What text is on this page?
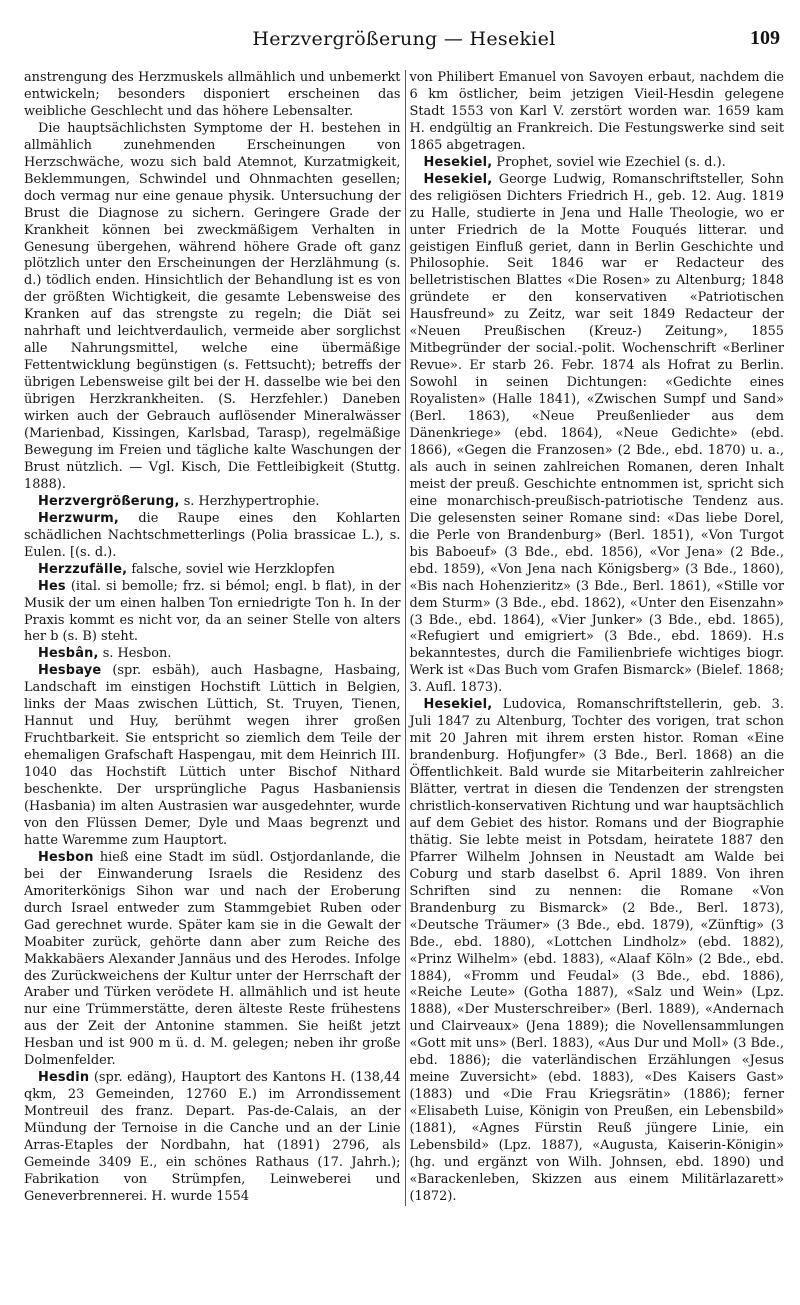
Herzvergrößerung — Hesekiel	109

anstrengung des Herzmuskels allmählich und unbemerkt entwickeln; besonders disponiert erscheinen das weibliche Geschlecht und das höhere Lebensalter.

Die hauptsächlichsten Symptome der H. bestehen in allmählich zunehmenden Erscheinungen von Herzschwäche, wozu sich bald Atemnot, Kurzatmigkeit, Beklemmungen, Schwindel und Ohnmachten gesellen; doch vermag nur eine genaue physik. Untersuchung der Brust die Diagnose zu sichern. Geringere Grade der Krankheit können bei zweckmäßigem Verhalten in Genesung übergehen, während höhere Grade oft ganz plötzlich unter den Erscheinungen der Herzlähmung (s. d.) tödlich enden. Hinsichtlich der Behandlung ist es von der größten Wichtigkeit, die gesamte Lebensweise des Kranken auf das strengste zu regeln; die Diät sei nahrhaft und leichtverdaulich, vermeide aber sorglichst alle Nahrungsmittel, welche eine übermäßige Fettentwicklung begünstigen (s. Fettsucht); betreffs der übrigen Lebensweise gilt bei der H. dasselbe wie bei den übrigen Herzkrankheiten. (S. Herzfehler.) Daneben wirken auch der Gebrauch auflösender Mineralwässer (Marienbad, Kissingen, Karlsbad, Tarasp), regelmäßige Bewegung im Freien und tägliche kalte Waschungen der Brust nützlich. — Vgl. Kisch, Die Fettleibigkeit (Stuttg. 1888).

Herzvergrößerung, s. Herzhypertrophie.

Herzwurm, die Raupe eines den Kohlarten schädlichen Nachtschmetterlings (Polia brassicae L.), s. Eulen. [(s. d.).

Herzzufälle, falsche, soviel wie Herzklopfen

Hes (ital. si bemolle; frz. si bémol; engl. b flat), in der Musik der um einen halben Ton erniedrigte Ton h. In der Praxis kommt es nicht vor, da an seiner Stelle von alters her b (s. B) steht.

Hesbân, s. Hesbon.

Hesbaye (spr. esbäh), auch Hasbagne, Hasbaing, Landschaft im einstigen Hochstift Lüttich in Belgien, links der Maas zwischen Lüttich, St. Truyen, Tienen, Hannut und Huy, berühmt wegen ihrer großen Fruchtbarkeit. Sie entspricht so ziemlich dem Teile der ehemaligen Grafschaft Haspengau, mit dem Heinrich III. 1040 das Hochstift Lüttich unter Bischof Nithard beschenkte. Der ursprüngliche Pagus Hasbaniensis (Hasbania) im alten Austrasien war ausgedehnter, wurde von den Flüssen Demer, Dyle und Maas begrenzt und hatte Waremme zum Hauptort.

Hesbon hieß eine Stadt im südl. Ostjordanlande, die bei der Einwanderung Israels die Residenz des Amoriterkönigs Sihon war und nach der Eroberung durch Israel entweder zum Stammgebiet Ruben oder Gad gerechnet wurde. Später kam sie in die Gewalt der Moabiter zurück, gehörte dann aber zum Reiche des Makkabäers Alexander Jannäus und des Herodes. Infolge des Zurückweichens der Kultur unter der Herrschaft der Araber und Türken verödete H. allmählich und ist heute nur eine Trümmerstätte, deren älteste Reste frühestens aus der Zeit der Antonine stammen. Sie heißt jetzt Hesban und ist 900 m ü. d. M. gelegen; neben ihr große Dolmenfelder.

Hesdin (spr. edäng), Hauptort des Kantons H. (138,44 qkm, 23 Gemeinden, 12760 E.) im Arrondissement Montreuil des franz. Depart. Pas-de-Calais, an der Mündung der Ternoise in die Canche und an der Linie Arras-Etaples der Nordbahn, hat (1891) 2796, als Gemeinde 3409 E., ein schönes Rathaus (17. Jahrh.); Fabrikation von Strümpfen, Leinweberei und Geneverbrennerei. H. wurde 1554

von Philibert Emanuel von Savoyen erbaut, nachdem die 6 km östlicher, beim jetzigen Vieil-Hesdin gelegene Stadt 1553 von Karl V. zerstört worden war. 1659 kam H. endgültig an Frankreich. Die Festungswerke sind seit 1865 abgetragen.

Hesekiel, Prophet, soviel wie Ezechiel (s. d.).

Hesekiel, George Ludwig, Romanschriftsteller, Sohn des religiösen Dichters Friedrich H., geb. 12. Aug. 1819 zu Halle, studierte in Jena und Halle Theologie, wo er unter Friedrich de la Motte Fouqués litterar. und geistigen Einfluß geriet, dann in Berlin Geschichte und Philosophie. Seit 1846 war er Redacteur des belletristischen Blattes «Die Rosen» zu Altenburg; 1848 gründete er den konservativen «Patriotischen Hausfreund» zu Zeitz, war seit 1849 Redacteur der «Neuen Preußischen (Kreuz-) Zeitung», 1855 Mitbegründer der social.-polit. Wochenschrift «Berliner Revue». Er starb 26. Febr. 1874 als Hofrat zu Berlin. Sowohl in seinen Dichtungen: «Gedichte eines Royalisten» (Halle 1841), «Zwischen Sumpf und Sand» (Berl. 1863), «Neue Preußenlieder aus dem Dänenkriege» (ebd. 1864), «Neue Gedichte» (ebd. 1866), «Gegen die Franzosen» (2 Bde., ebd. 1870) u. a., als auch in seinen zahlreichen Romanen, deren Inhalt meist der preuß. Geschichte entnommen ist, spricht sich eine monarchisch-preußisch-patriotische Tendenz aus. Die gelesensten seiner Romane sind: «Das liebe Dorel, die Perle von Brandenburg» (Berl. 1851), «Von Turgot bis Baboeuf» (3 Bde., ebd. 1856), «Vor Jena» (2 Bde., ebd. 1859), «Von Jena nach Königsberg» (3 Bde., 1860), «Bis nach Hohenzieritz» (3 Bde., Berl. 1861), «Stille vor dem Sturm» (3 Bde., ebd. 1862), «Unter den Eisenzahn» (3 Bde., ebd. 1864), «Vier Junker» (3 Bde., ebd. 1865), «Refugiert und emigriert» (3 Bde., ebd. 1869). H.s bekanntestes, durch die Familienbriefe wichtiges biogr. Werk ist «Das Buch vom Grafen Bismarck» (Bielef. 1868; 3. Aufl. 1873).

Hesekiel, Ludovica, Romanschriftstellerin, geb. 3. Juli 1847 zu Altenburg, Tochter des vorigen, trat schon mit 20 Jahren mit ihrem ersten histor. Roman «Eine brandenburg. Hofjungfer» (3 Bde., Berl. 1868) an die Öffentlichkeit. Bald wurde sie Mitarbeiterin zahlreicher Blätter, vertrat in diesen die Tendenzen der strengsten christlich-konservativen Richtung und war hauptsächlich auf dem Gebiet des histor. Romans und der Biographie thätig. Sie lebte meist in Potsdam, heiratete 1887 den Pfarrer Wilhelm Johnsen in Neustadt am Walde bei Coburg und starb daselbst 6. April 1889. Von ihren Schriften sind zu nennen: die Romane «Von Brandenburg zu Bismarck» (2 Bde., Berl. 1873), «Deutsche Träumer» (3 Bde., ebd. 1879), «Zünftig» (3 Bde., ebd. 1880), «Lottchen Lindholz» (ebd. 1882), «Prinz Wilhelm» (ebd. 1883), «Alaaf Köln» (2 Bde., ebd. 1884), «Fromm und Feudal» (3 Bde., ebd. 1886), «Reiche Leute» (Gotha 1887), «Salz und Wein» (Lpz. 1888), «Der Musterschreiber» (Berl. 1889), «Andernach und Clairveaux» (Jena 1889); die Novellensammlungen «Gott mit uns» (Berl. 1883), «Aus Dur und Moll» (3 Bde., ebd. 1886); die vaterländischen Erzählungen «Jesus meine Zuversicht» (ebd. 1883), «Des Kaisers Gast» (1883) und «Die Frau Kriegsrätin» (1886); ferner «Elisabeth Luise, Königin von Preußen, ein Lebensbild» (1881), «Agnes Fürstin Reuß jüngere Linie, ein Lebensbild» (Lpz. 1887), «Augusta, Kaiserin-Königin» (hg. und ergänzt von Wilh. Johnsen, ebd. 1890) und «Barackenleben, Skizzen aus einem Militärlazarett» (1872).
